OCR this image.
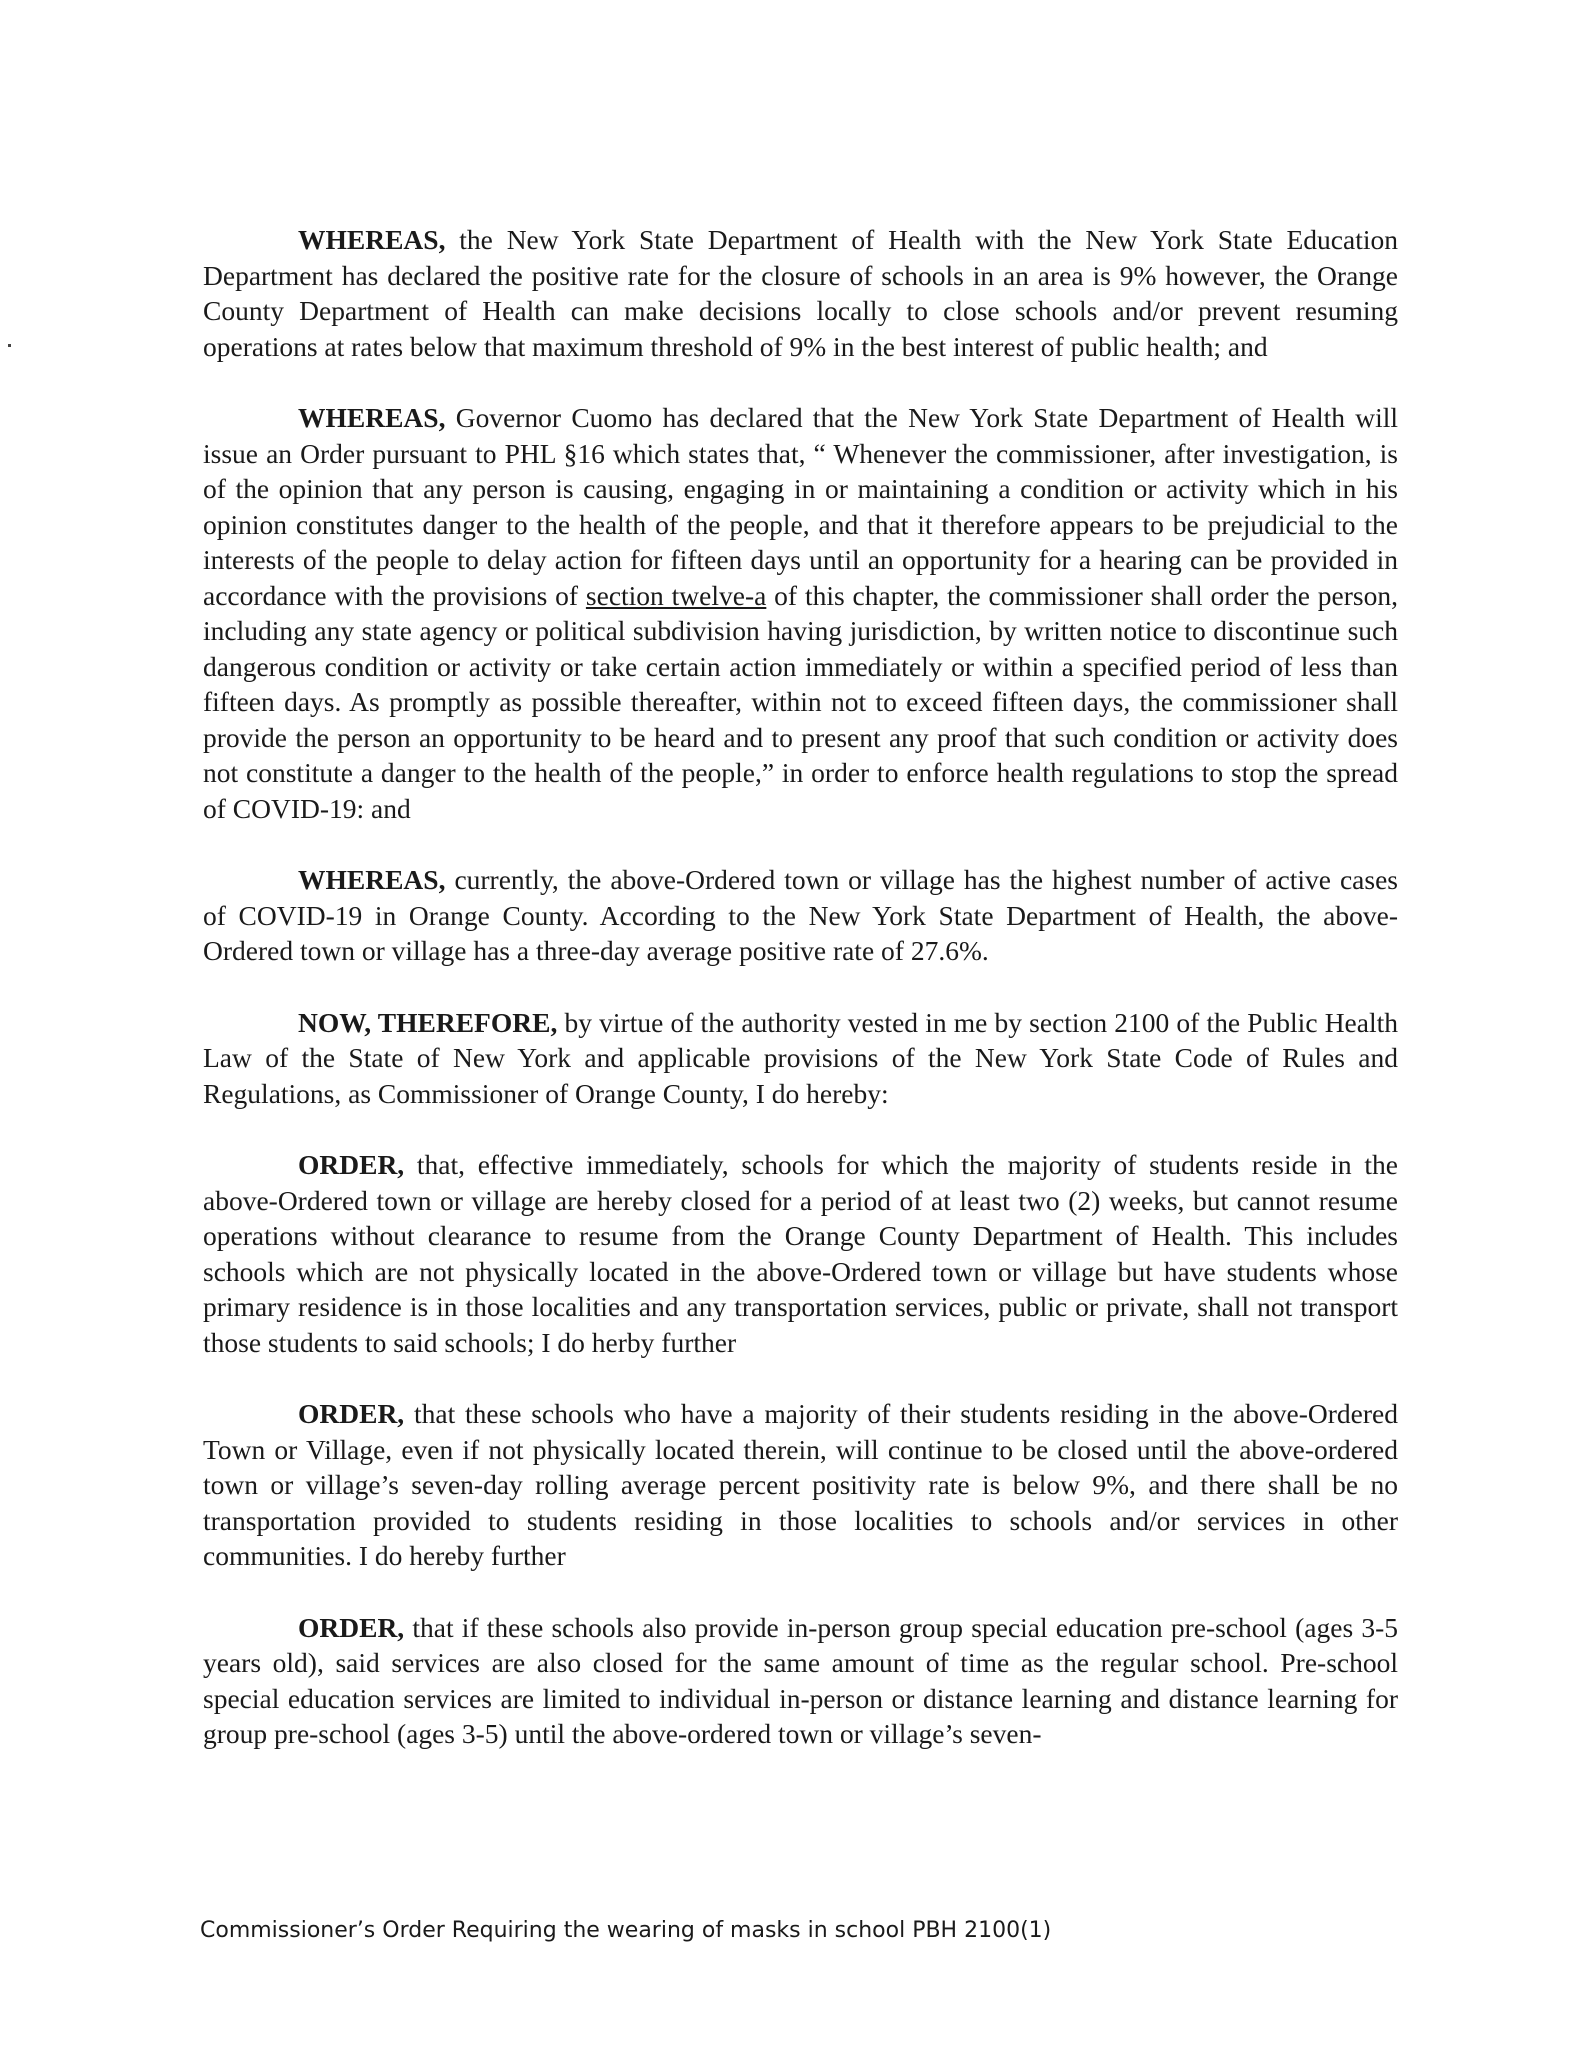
WHEREAS, the New York State Department of Health with the New York State Education Department has declared the positive rate for the closure of schools in an area is 9% however, the Orange County Department of Health can make decisions locally to close schools and/or prevent resuming operations at rates below that maximum threshold of 9% in the best interest of public health; and

WHEREAS, Governor Cuomo has declared that the New York State Department of Health will issue an Order pursuant to PHL §16 which states that, “ Whenever the commissioner, after investigation, is of the opinion that any person is causing, engaging in or maintaining a condition or activity which in his opinion constitutes danger to the health of the people, and that it therefore appears to be prejudicial to the interests of the people to delay action for fifteen days until an opportunity for a hearing can be provided in accordance with the provisions of section twelve-a of this chapter, the commissioner shall order the person, including any state agency or political subdivision having jurisdiction, by written notice to discontinue such dangerous condition or activity or take certain action immediately or within a specified period of less than fifteen days. As promptly as possible thereafter, within not to exceed fifteen days, the commissioner shall provide the person an opportunity to be heard and to present any proof that such condition or activity does not constitute a danger to the health of the people,” in order to enforce health regulations to stop the spread of COVID-19: and

WHEREAS, currently, the above-Ordered town or village has the highest number of active cases of COVID-19 in Orange County. According to the New York State Department of Health, the above-Ordered town or village has a three-day average positive rate of 27.6%.

NOW, THEREFORE, by virtue of the authority vested in me by section 2100 of the Public Health Law of the State of New York and applicable provisions of the New York State Code of Rules and Regulations, as Commissioner of Orange County, I do hereby:

ORDER, that, effective immediately, schools for which the majority of students reside in the above-Ordered town or village are hereby closed for a period of at least two (2) weeks, but cannot resume operations without clearance to resume from the Orange County Department of Health. This includes schools which are not physically located in the above-Ordered town or village but have students whose primary residence is in those localities and any transportation services, public or private, shall not transport those students to said schools; I do herby further

ORDER, that these schools who have a majority of their students residing in the above-Ordered Town or Village, even if not physically located therein, will continue to be closed until the above-ordered town or village’s seven-day rolling average percent positivity rate is below 9%, and there shall be no transportation provided to students residing in those localities to schools and/or services in other communities. I do hereby further

ORDER, that if these schools also provide in-person group special education pre-school (ages 3-5 years old), said services are also closed for the same amount of time as the regular school. Pre-school special education services are limited to individual in-person or distance learning and distance learning for group pre-school (ages 3-5) until the above-ordered town or village’s seven-

Commissioner’s Order Requiring the wearing of masks in school PBH 2100(1)
